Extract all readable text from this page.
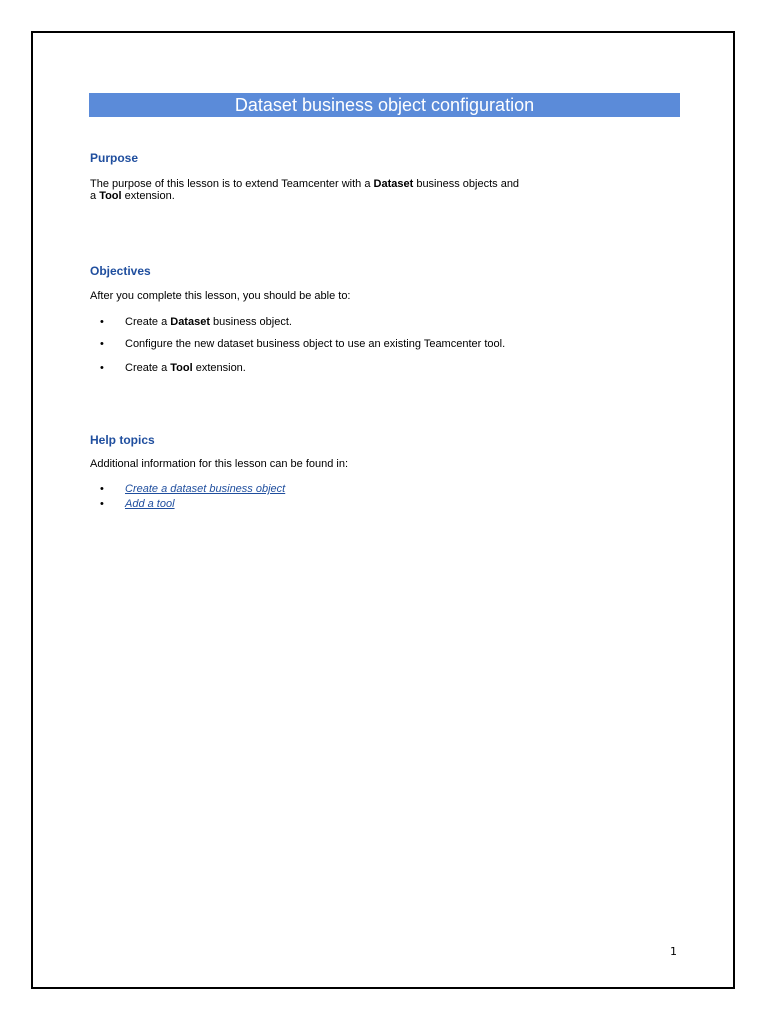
Dataset business object configuration
Purpose
The purpose of this lesson is to extend Teamcenter with a Dataset business objects and
a Tool extension.
Objectives
After you complete this lesson, you should be able to:
• Create a Dataset business object.
• Configure the new dataset business object to use an existing Teamcenter tool.
• Create a Tool extension.
Help topics
Additional information for this lesson can be found in:
• Create a dataset business object
• Add a tool
1
